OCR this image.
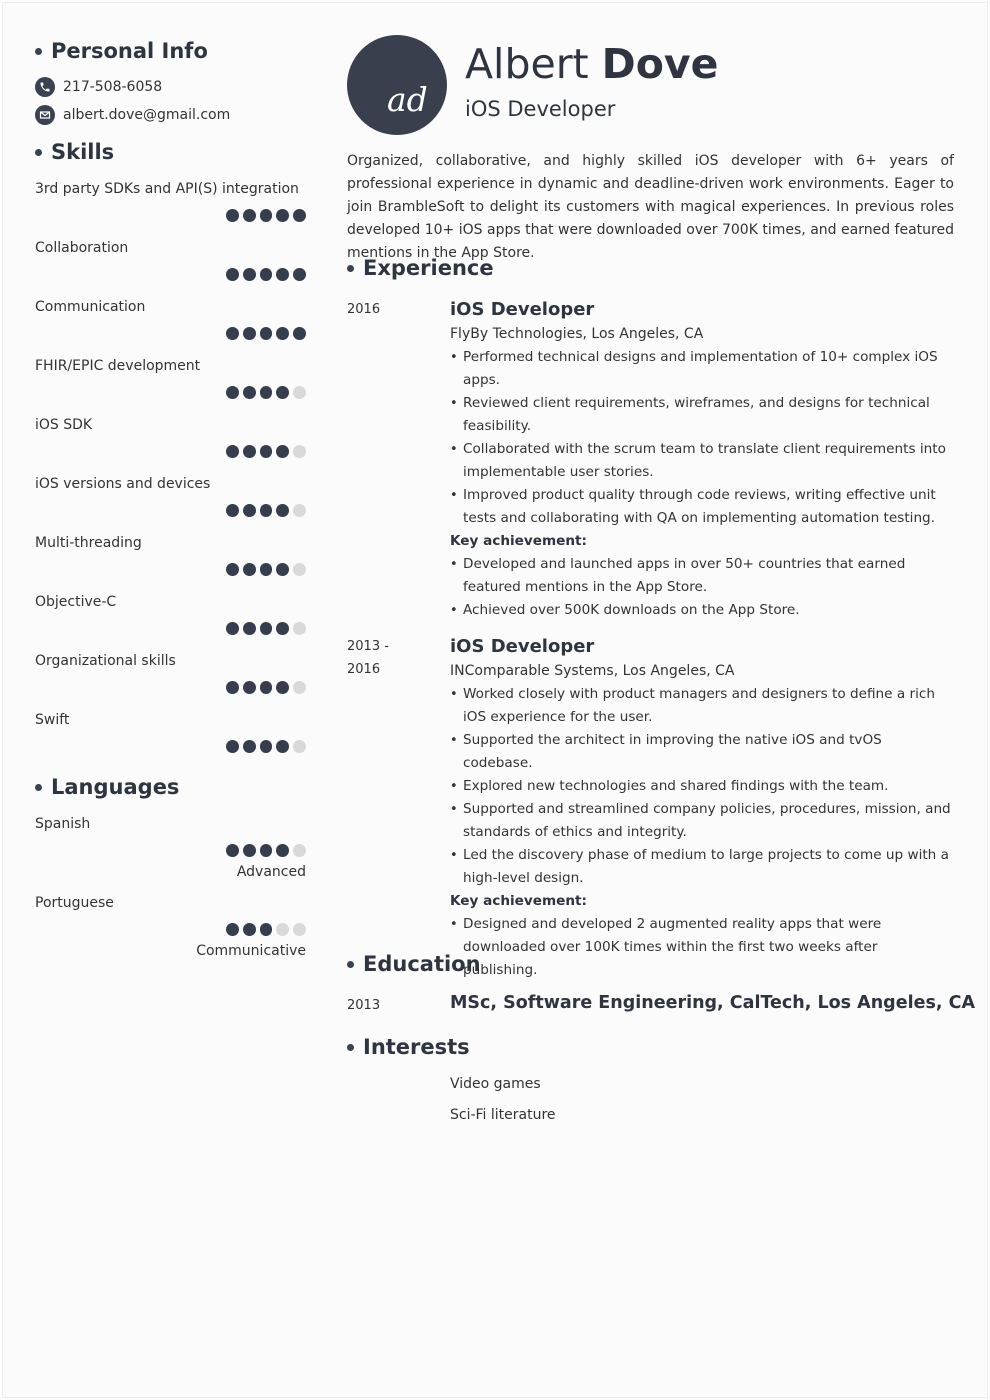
Personal Info
217-508-6058
albert.dove@gmail.com
Skills
3rd party SDKs and API(S) integration
Collaboration
Communication
FHIR/EPIC development
iOS SDK
iOS versions and devices
Multi-threading
Objective-C
Organizational skills
Swift
Languages
Spanish
Advanced
Portuguese
Communicative
ad
Albert Dove
iOS Developer
Organized, collaborative, and highly skilled iOS developer with 6+ years of professional experience in dynamic and deadline-driven work environments. Eager to join BrambleSoft to delight its customers with magical experiences. In previous roles developed 10+ iOS apps that were downloaded over 700K times, and earned featured mentions in the App Store.
Experience
2016	iOS Developer
FlyBy Technologies, Los Angeles, CA
• Performed technical designs and implementation of 10+ complex iOS apps.
• Reviewed client requirements, wireframes, and designs for technical feasibility.
• Collaborated with the scrum team to translate client requirements into implementable user stories.
• Improved product quality through code reviews, writing effective unit tests and collaborating with QA on implementing automation testing.
Key achievement:
• Developed and launched apps in over 50+ countries that earned featured mentions in the App Store.
• Achieved over 500K downloads on the App Store.
2013 - 2016
iOS Developer
INComparable Systems, Los Angeles, CA
• Worked closely with product managers and designers to define a rich iOS experience for the user.
• Supported the architect in improving the native iOS and tvOS codebase.
• Explored new technologies and shared findings with the team.
• Supported and streamlined company policies, procedures, mission, and standards of ethics and integrity.
• Led the discovery phase of medium to large projects to come up with a high-level design.
Key achievement:
• Designed and developed 2 augmented reality apps that were downloaded over 100K times within the first two weeks after publishing.
Education
2013	MSc, Software Engineering, CalTech, Los Angeles, CA
Interests
Video games
Sci-Fi literature
